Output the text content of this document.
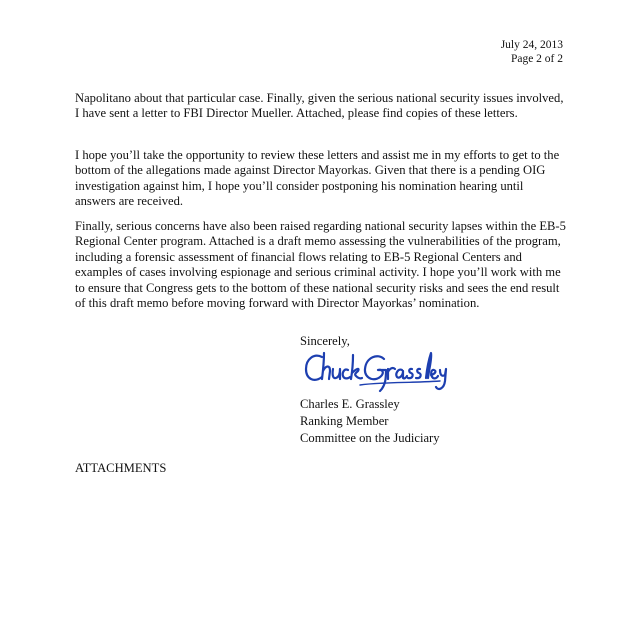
July 24, 2013
Page 2 of 2

Napolitano about that particular case. Finally, given the serious national security issues involved, I have sent a letter to FBI Director Mueller. Attached, please find copies of these letters.

I hope you’ll take the opportunity to review these letters and assist me in my efforts to get to the bottom of the allegations made against Director Mayorkas. Given that there is a pending OIG investigation against him, I hope you’ll consider postponing his nomination hearing until answers are received.

Finally, serious concerns have also been raised regarding national security lapses within the EB-5 Regional Center program. Attached is a draft memo assessing the vulnerabilities of the program, including a forensic assessment of financial flows relating to EB-5 Regional Centers and examples of cases involving espionage and serious criminal activity. I hope you’ll work with me to ensure that Congress gets to the bottom of these national security risks and sees the end result of this draft memo before moving forward with Director Mayorkas’ nomination.

Sincerely,
Charles E. Grassley
Ranking Member
Committee on the Judiciary
ATTACHMENTS
